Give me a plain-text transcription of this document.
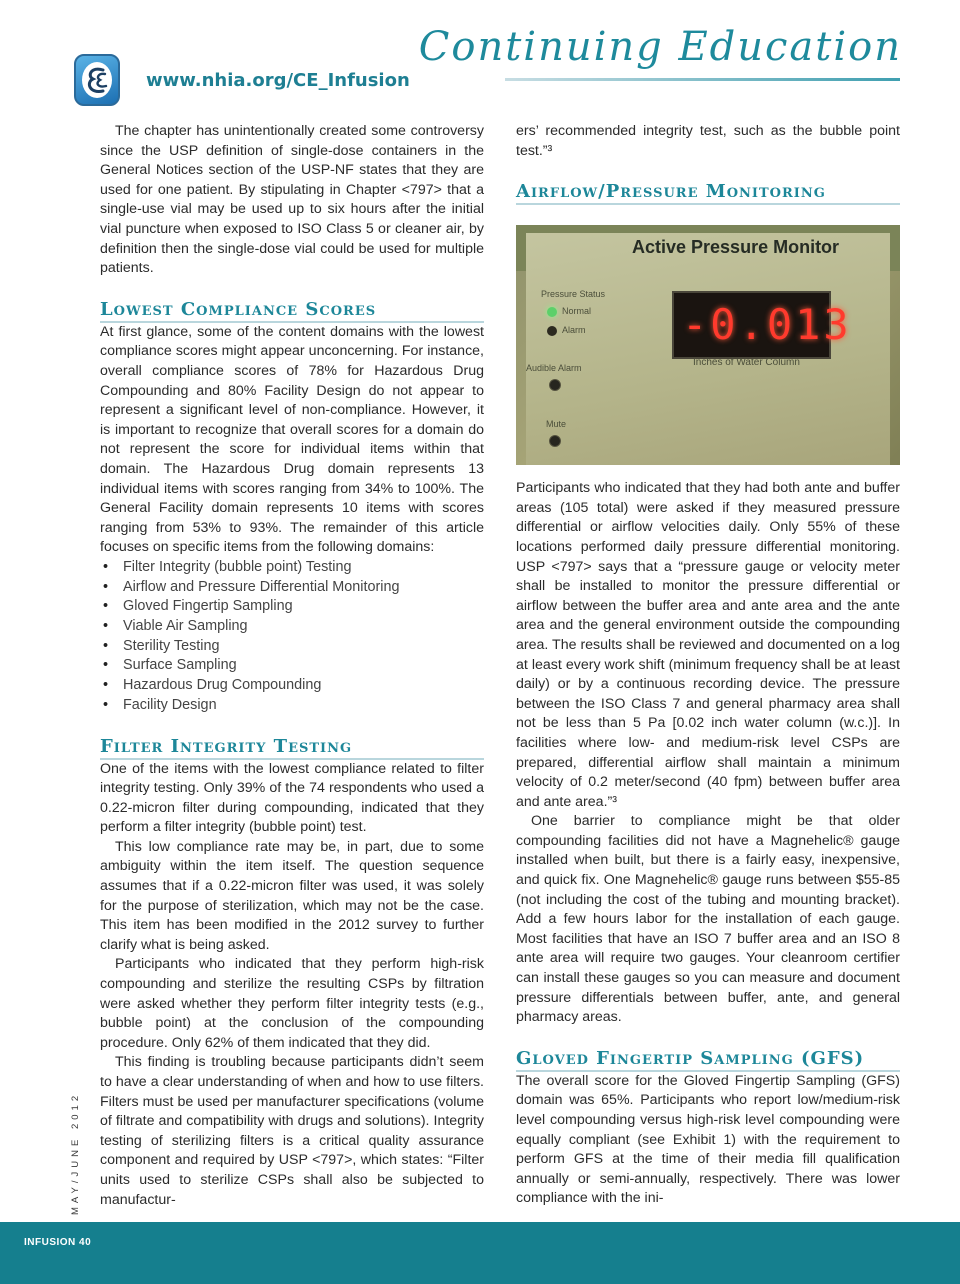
Continuing Education
www.nhia.org/CE_Infusion

The chapter has unintentionally created some controversy since the USP definition of single-dose containers in the General Notices section of the USP-NF states that they are used for one patient. By stipulating in Chapter <797> that a single-use vial may be used up to six hours after the initial vial puncture when exposed to ISO Class 5 or cleaner air, by definition then the single-dose vial could be used for multiple patients.

Lowest Compliance Scores

At first glance, some of the content domains with the lowest compliance scores might appear unconcerning. For instance, overall compliance scores of 78% for Hazardous Drug Compounding and 80% Facility Design do not appear to represent a significant level of non-compliance. However, it is important to recognize that overall scores for a domain do not represent the score for individual items within that domain. The Hazardous Drug domain represents 13 individual items with scores ranging from 34% to 100%. The General Facility domain represents 10 items with scores ranging from 53% to 93%. The remainder of this article focuses on specific items from the following domains:

• Filter Integrity (bubble point) Testing
• Airflow and Pressure Differential Monitoring
• Gloved Fingertip Sampling
• Viable Air Sampling
• Sterility Testing
• Surface Sampling
• Hazardous Drug Compounding
• Facility Design
Filter Integrity Testing

One of the items with the lowest compliance related to filter integrity testing. Only 39% of the 74 respondents who used a 0.22-micron filter during compounding, indicated that they perform a filter integrity (bubble point) test.

This low compliance rate may be, in part, due to some ambiguity within the item itself. The question sequence assumes that if a 0.22-micron filter was used, it was solely for the purpose of sterilization, which may not be the case. This item has been modified in the 2012 survey to further clarify what is being asked.

Participants who indicated that they perform high-risk compounding and sterilize the resulting CSPs by filtration were asked whether they perform filter integrity tests (e.g., bubble point) at the conclusion of the compounding procedure. Only 62% of them indicated that they did.

This finding is troubling because participants didn’t seem to have a clear understanding of when and how to use filters. Filters must be used per manufacturer specifications (volume of filtrate and compatibility with drugs and solutions). Integrity testing of sterilizing filters is a critical quality assurance component and required by USP <797>, which states: “Filter units used to sterilize CSPs shall also be subjected to manufactur-

ers’ recommended integrity test, such as the bubble point test.”³

Airflow/Pressure Monitoring
Active Pressure Monitor
Pressure Status
Normal
Alarm
Audible Alarm
Mute
-0.013
Inches of Water Column

Participants who indicated that they had both ante and buffer areas (105 total) were asked if they measured pressure differential or airflow velocities daily. Only 55% of these locations performed daily pressure differential monitoring. USP <797> says that a “pressure gauge or velocity meter shall be installed to monitor the pressure differential or airflow between the buffer area and ante area and the ante area and the general environment outside the compounding area. The results shall be reviewed and documented on a log at least every work shift (minimum frequency shall be at least daily) or by a continuous recording device. The pressure between the ISO Class 7 and general pharmacy area shall not be less than 5 Pa [0.02 inch water column (w.c.)]. In facilities where low- and medium-risk level CSPs are prepared, differential airflow shall maintain a minimum velocity of 0.2 meter/second (40 fpm) between buffer area and ante area.”³

One barrier to compliance might be that older compounding facilities did not have a Magnehelic® gauge installed when built, but there is a fairly easy, inexpensive, and quick fix. One Magnehelic® gauge runs between $55-85 (not including the cost of the tubing and mounting bracket). Add a few hours labor for the installation of each gauge. Most facilities that have an ISO 7 buffer area and an ISO 8 ante area will require two gauges. Your cleanroom certifier can install these gauges so you can measure and document pressure differentials between buffer, ante, and general pharmacy areas.

Gloved Fingertip Sampling (GFS)

The overall score for the Gloved Fingertip Sampling (GFS) domain was 65%. Participants who report low/medium-risk level compounding versus high-risk level compounding were equally compliant (see Exhibit 1) with the requirement to perform GFS at the time of their media fill qualification annually or semi-annually, respectively. There was lower compliance with the ini-

MAY/JUNE 2012
INFUSION 40
